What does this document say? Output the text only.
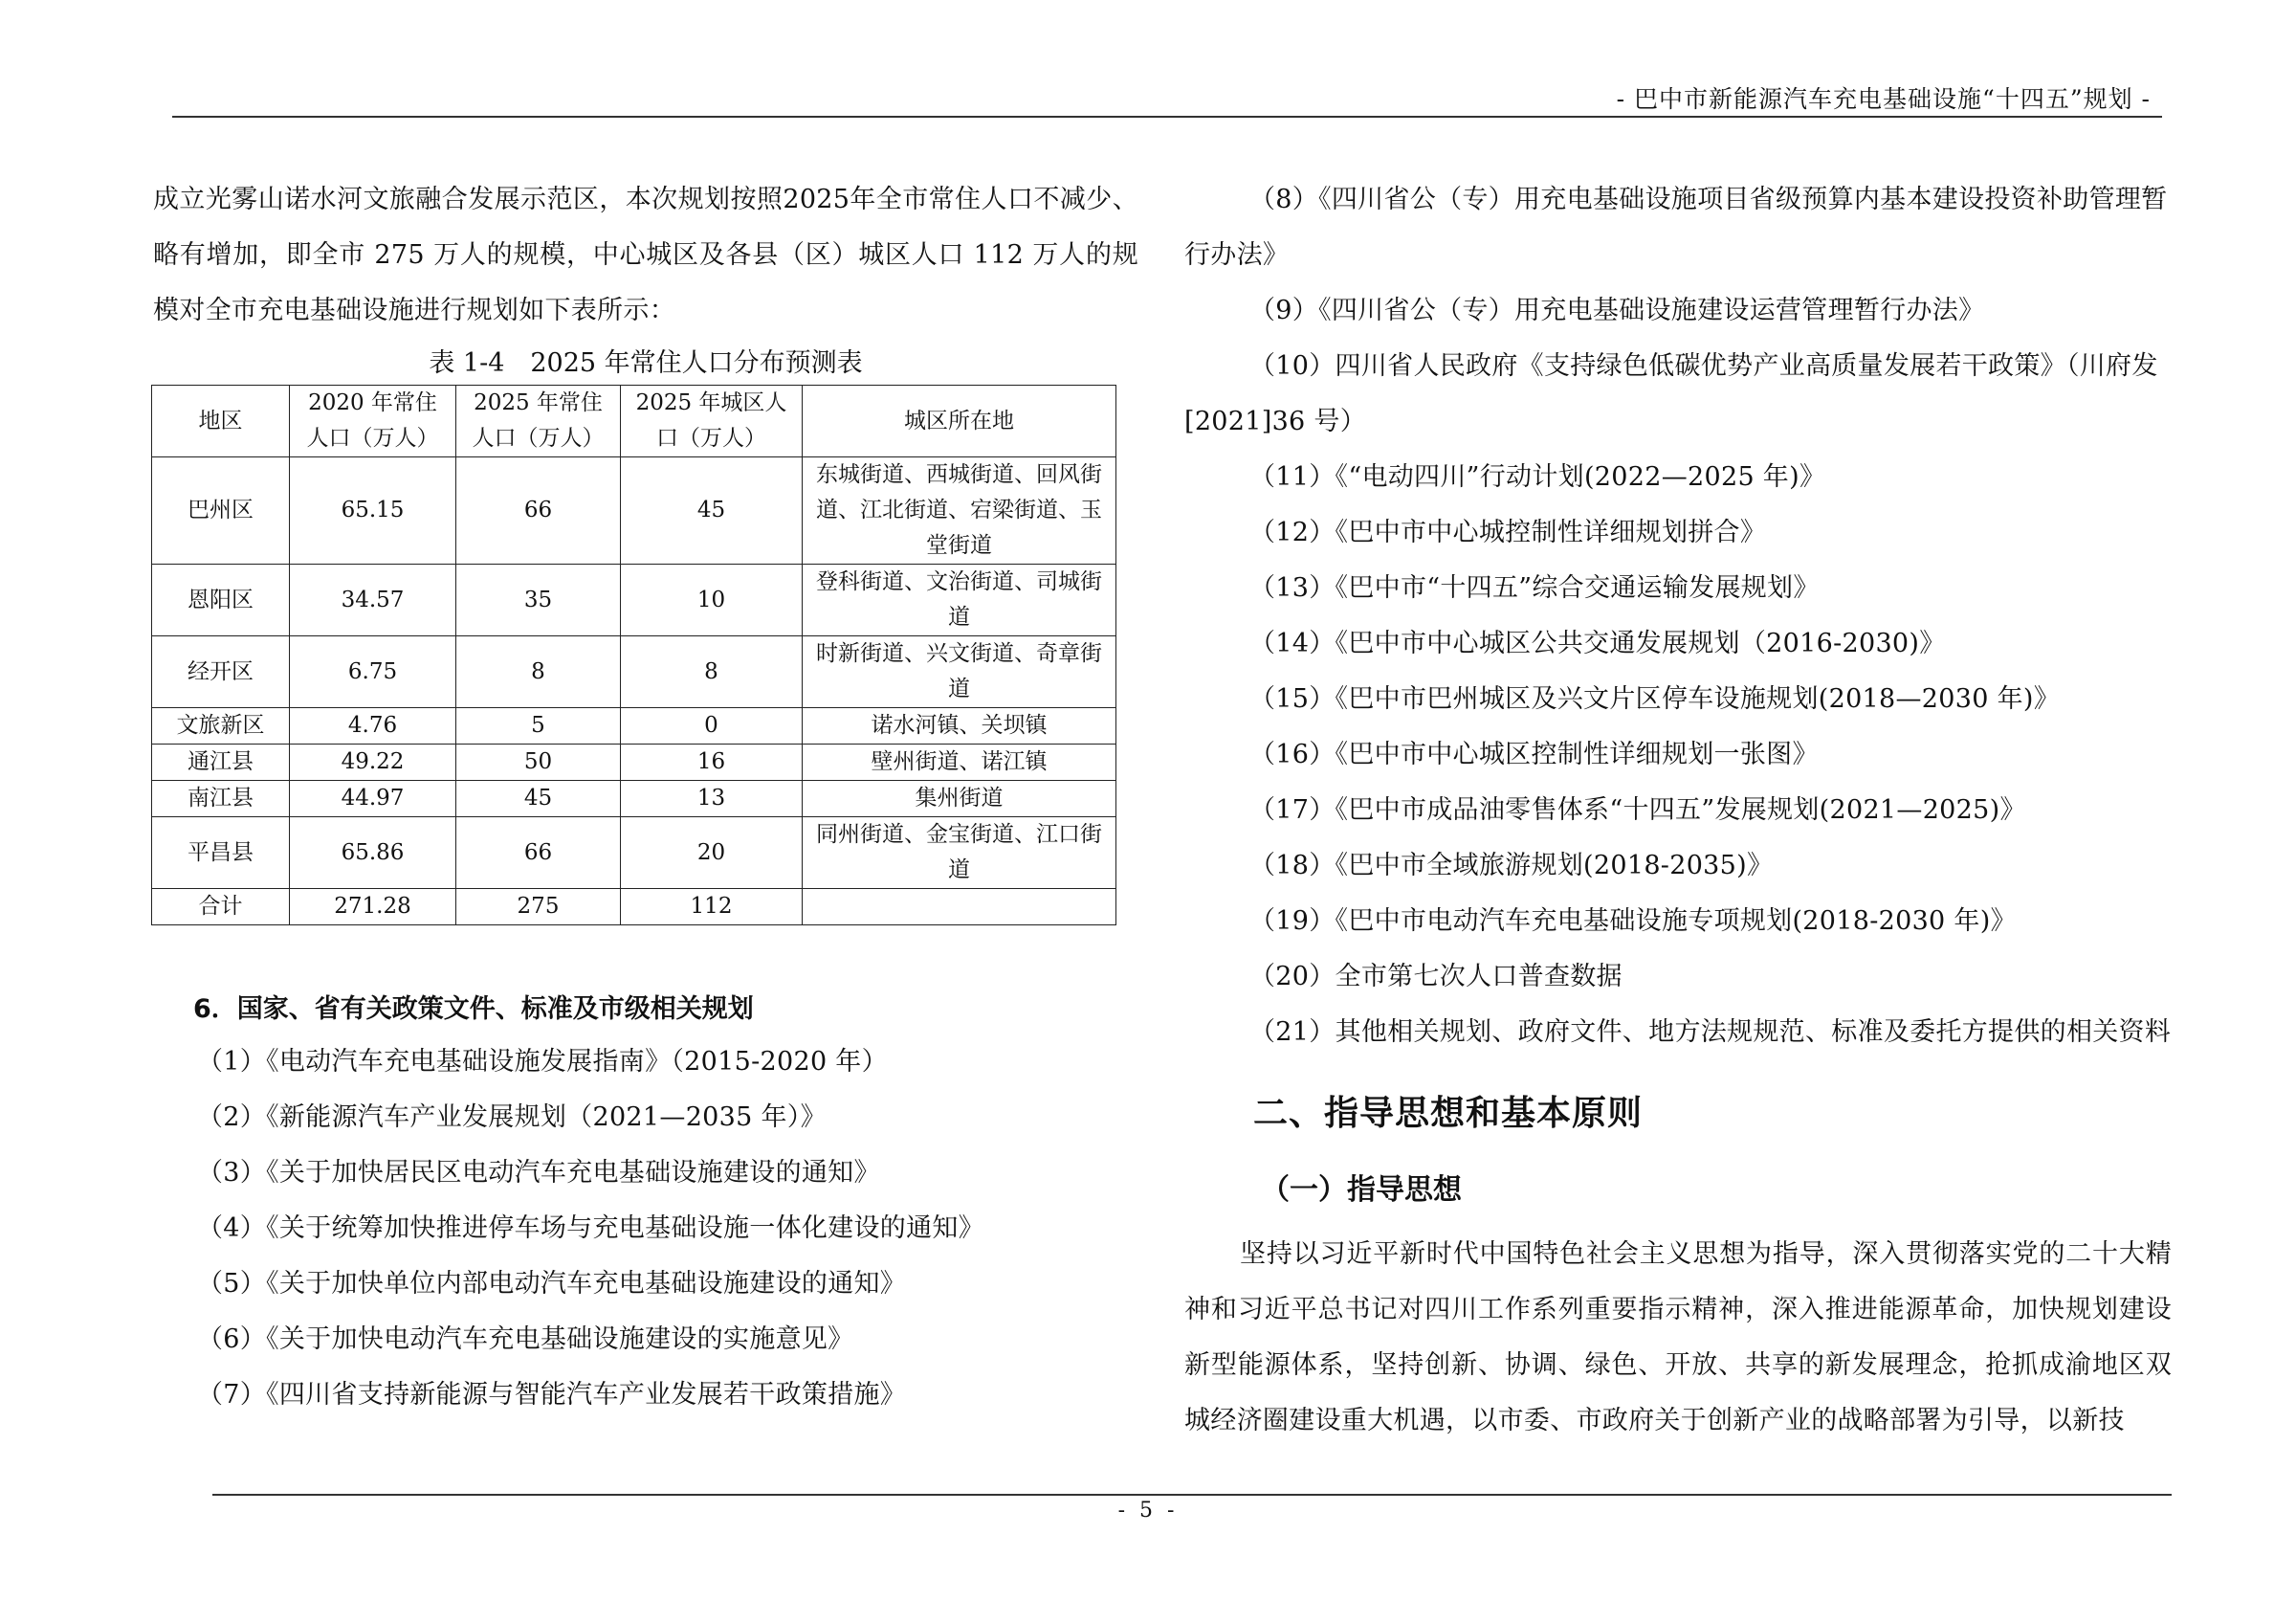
- 巴中市新能源汽车充电基础设施“十四五”规划 -

成立光雾山诺水河文旅融合发展示范区，本次规划按照2025年全市常住人口不减少、略有增加，即全市 275 万人的规模，中心城区及各县（区）城区人口 112 万人的规模对全市充电基础设施进行规划如下表所示：

表 1-4　2025 年常住人口分布预测表
地区	2020 年常住人口（万人）	2025 年常住人口（万人）	2025 年城区人口（万人）	城区所在地
巴州区	65.15	66	45	东城街道、西城街道、回风街道、江北街道、宕梁街道、玉堂街道
恩阳区	34.57	35	10	登科街道、文治街道、司城街道
经开区	6.75	8	8	时新街道、兴文街道、奇章街道
文旅新区	4.76	5	0	诺水河镇、关坝镇
通江县	49.22	50	16	壁州街道、诺江镇
南江县	44.97	45	13	集州街道
平昌县	65.86	66	20	同州街道、金宝街道、江口街道
合计	271.28	275	112	
6．国家、省有关政策文件、标准及市级相关规划
（1）《电动汽车充电基础设施发展指南》（2015-2020 年）
（2）《新能源汽车产业发展规划（2021—2035 年）》
（3）《关于加快居民区电动汽车充电基础设施建设的通知》
（4）《关于统筹加快推进停车场与充电基础设施一体化建设的通知》
（5）《关于加快单位内部电动汽车充电基础设施建设的通知》
（6）《关于加快电动汽车充电基础设施建设的实施意见》
（7）《四川省支持新能源与智能汽车产业发展若干政策措施》
（8）《四川省公（专）用充电基础设施项目省级预算内基本建设投资补助管理暂
行办法》
（9）《四川省公（专）用充电基础设施建设运营管理暂行办法》
（10）四川省人民政府《支持绿色低碳优势产业高质量发展若干政策》（川府发
[2021]36 号）
（11）《“电动四川”行动计划(2022—2025 年)》
（12）《巴中市中心城控制性详细规划拼合》
（13）《巴中市“十四五”综合交通运输发展规划》
（14）《巴中市中心城区公共交通发展规划（2016-2030)》
（15）《巴中市巴州城区及兴文片区停车设施规划(2018—2030 年)》
（16）《巴中市中心城区控制性详细规划一张图》
（17）《巴中市成品油零售体系“十四五”发展规划(2021—2025)》
（18）《巴中市全域旅游规划(2018-2035)》
（19）《巴中市电动汽车充电基础设施专项规划(2018-2030 年)》
（20）全市第七次人口普查数据
（21）其他相关规划、政府文件、地方法规规范、标准及委托方提供的相关资料
二、指导思想和基本原则
（一）指导思想

坚持以习近平新时代中国特色社会主义思想为指导，深入贯彻落实党的二十大精神和习近平总书记对四川工作系列重要指示精神，深入推进能源革命，加快规划建设新型能源体系，坚持创新、协调、绿色、开放、共享的新发展理念，抢抓成渝地区双城经济圈建设重大机遇，以市委、市政府关于创新产业的战略部署为引导，以新技

- 5 -
